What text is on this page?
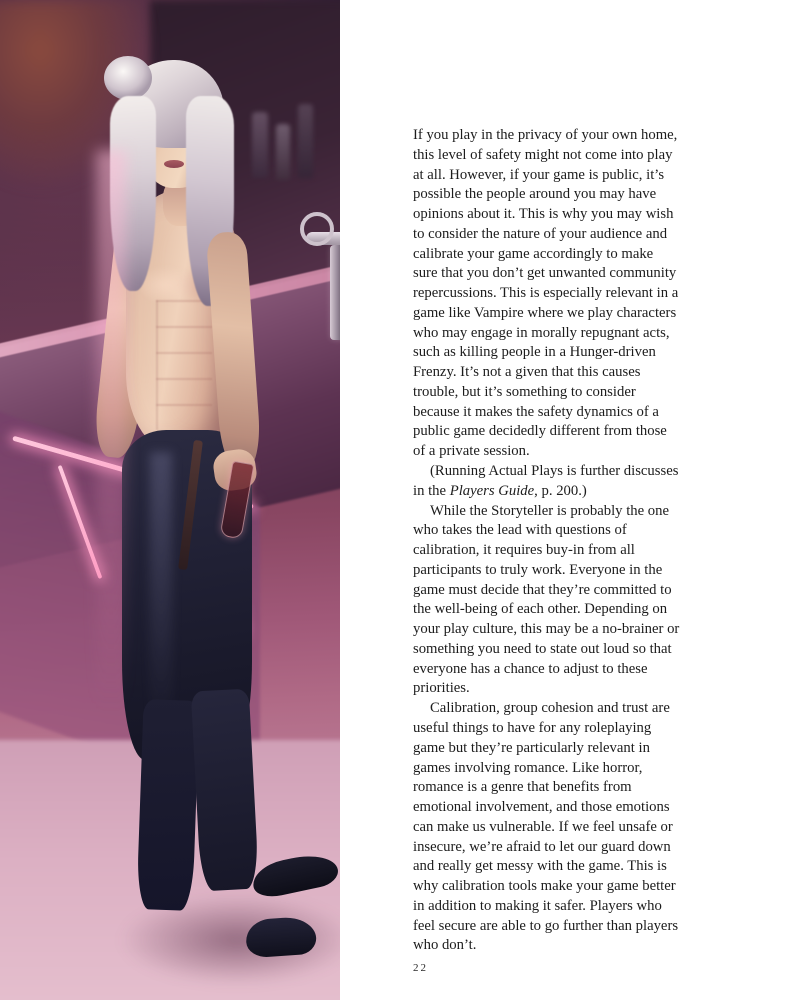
If you play in the privacy of your own home, this level of safety might not come into play at all. However, if your game is public, it’s possible the people around you may have opinions about it. This is why you may wish to consider the nature of your audience and calibrate your game accordingly to make sure that you don’t get unwanted community repercussions. This is especially relevant in a game like Vampire where we play characters who may engage in morally repugnant acts, such as killing people in a Hunger-driven Frenzy. It’s not a given that this causes trouble, but it’s something to consider because it makes the safety dynamics of a public game decidedly different from those of a private session.

(Running Actual Plays is further discusses in the Players Guide, p. 200.)

While the Storyteller is probably the one who takes the lead with questions of calibration, it requires buy-in from all participants to truly work. Everyone in the game must decide that they’re committed to the well-being of each other. Depending on your play culture, this may be a no-brainer or something you need to state out loud so that everyone has a chance to adjust to these priorities.

Calibration, group cohesion and trust are useful things to have for any roleplaying game but they’re particularly relevant in games involving romance. Like horror, romance is a genre that benefits from emotional involvement, and those emotions can make us vulnerable. If we feel unsafe or insecure, we’re afraid to let our guard down and really get messy with the game. This is why calibration tools make your game better in addition to making it safer. Players who feel secure are able to go further than players who don’t.

22
